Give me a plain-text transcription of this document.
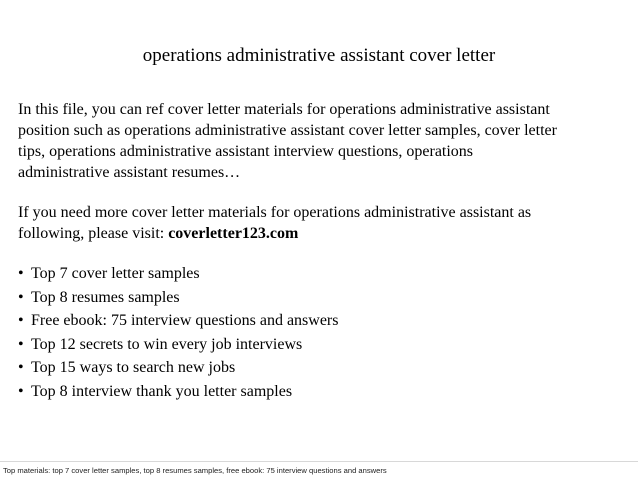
operations administrative assistant cover letter

In this file, you can ref cover letter materials for operations administrative assistant
position such as operations administrative assistant cover letter samples, cover letter
tips, operations administrative assistant interview questions, operations
administrative assistant resumes…

If you need more cover letter materials for operations administrative assistant as
following, please visit: coverletter123.com

• Top 7 cover letter samples
• Top 8 resumes samples
• Free ebook: 75 interview questions and answers
• Top 12 secrets to win every job interviews
• Top 15 ways to search new jobs
• Top 8 interview thank you letter samples
Top materials: top 7 cover letter samples, top 8 resumes samples, free ebook: 75 interview questions and answers
